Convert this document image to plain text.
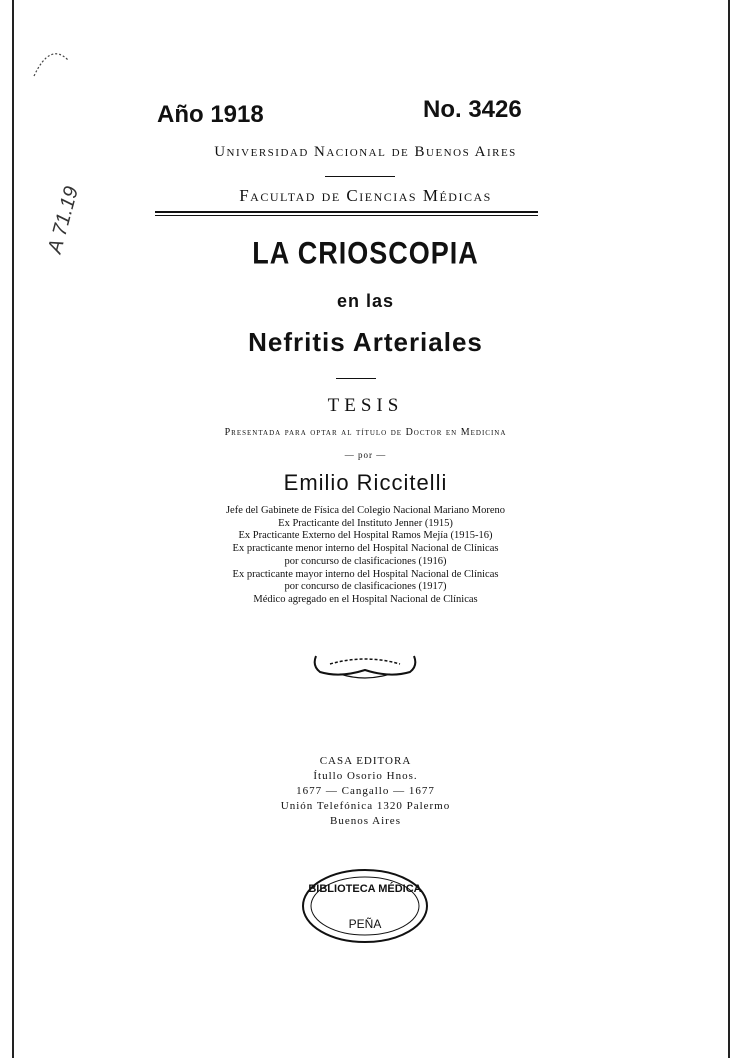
A 71.19
Año 1918	No. 3426
Universidad Nacional de Buenos Aires
Facultad de Ciencias Médicas
LA CRIOSCOPIA
en las
Nefritis Arteriales
TESIS
Presentada para optar al título de Doctor en Medicina
— por —
Emilio Riccitelli
Jefe del Gabinete de Física del Colegio Nacional Mariano Moreno
Ex Practicante del Instituto Jenner (1915)
Ex Practicante Externo del Hospital Ramos Mejía (1915-16)
Ex practicante menor interno del Hospital Nacional de Clínicas
por concurso de clasificaciones (1916)
Ex practicante mayor interno del Hospital Nacional de Clínicas
por concurso de clasificaciones (1917)
Médico agregado en el Hospital Nacional de Clínicas
CASA EDITORA
Ítullo Osorio Hnos.
1677 — Cangallo — 1677
Unión Telefónica 1320 Palermo
Buenos Aires
BIBLIOTECA MÉDICA
PEÑA
